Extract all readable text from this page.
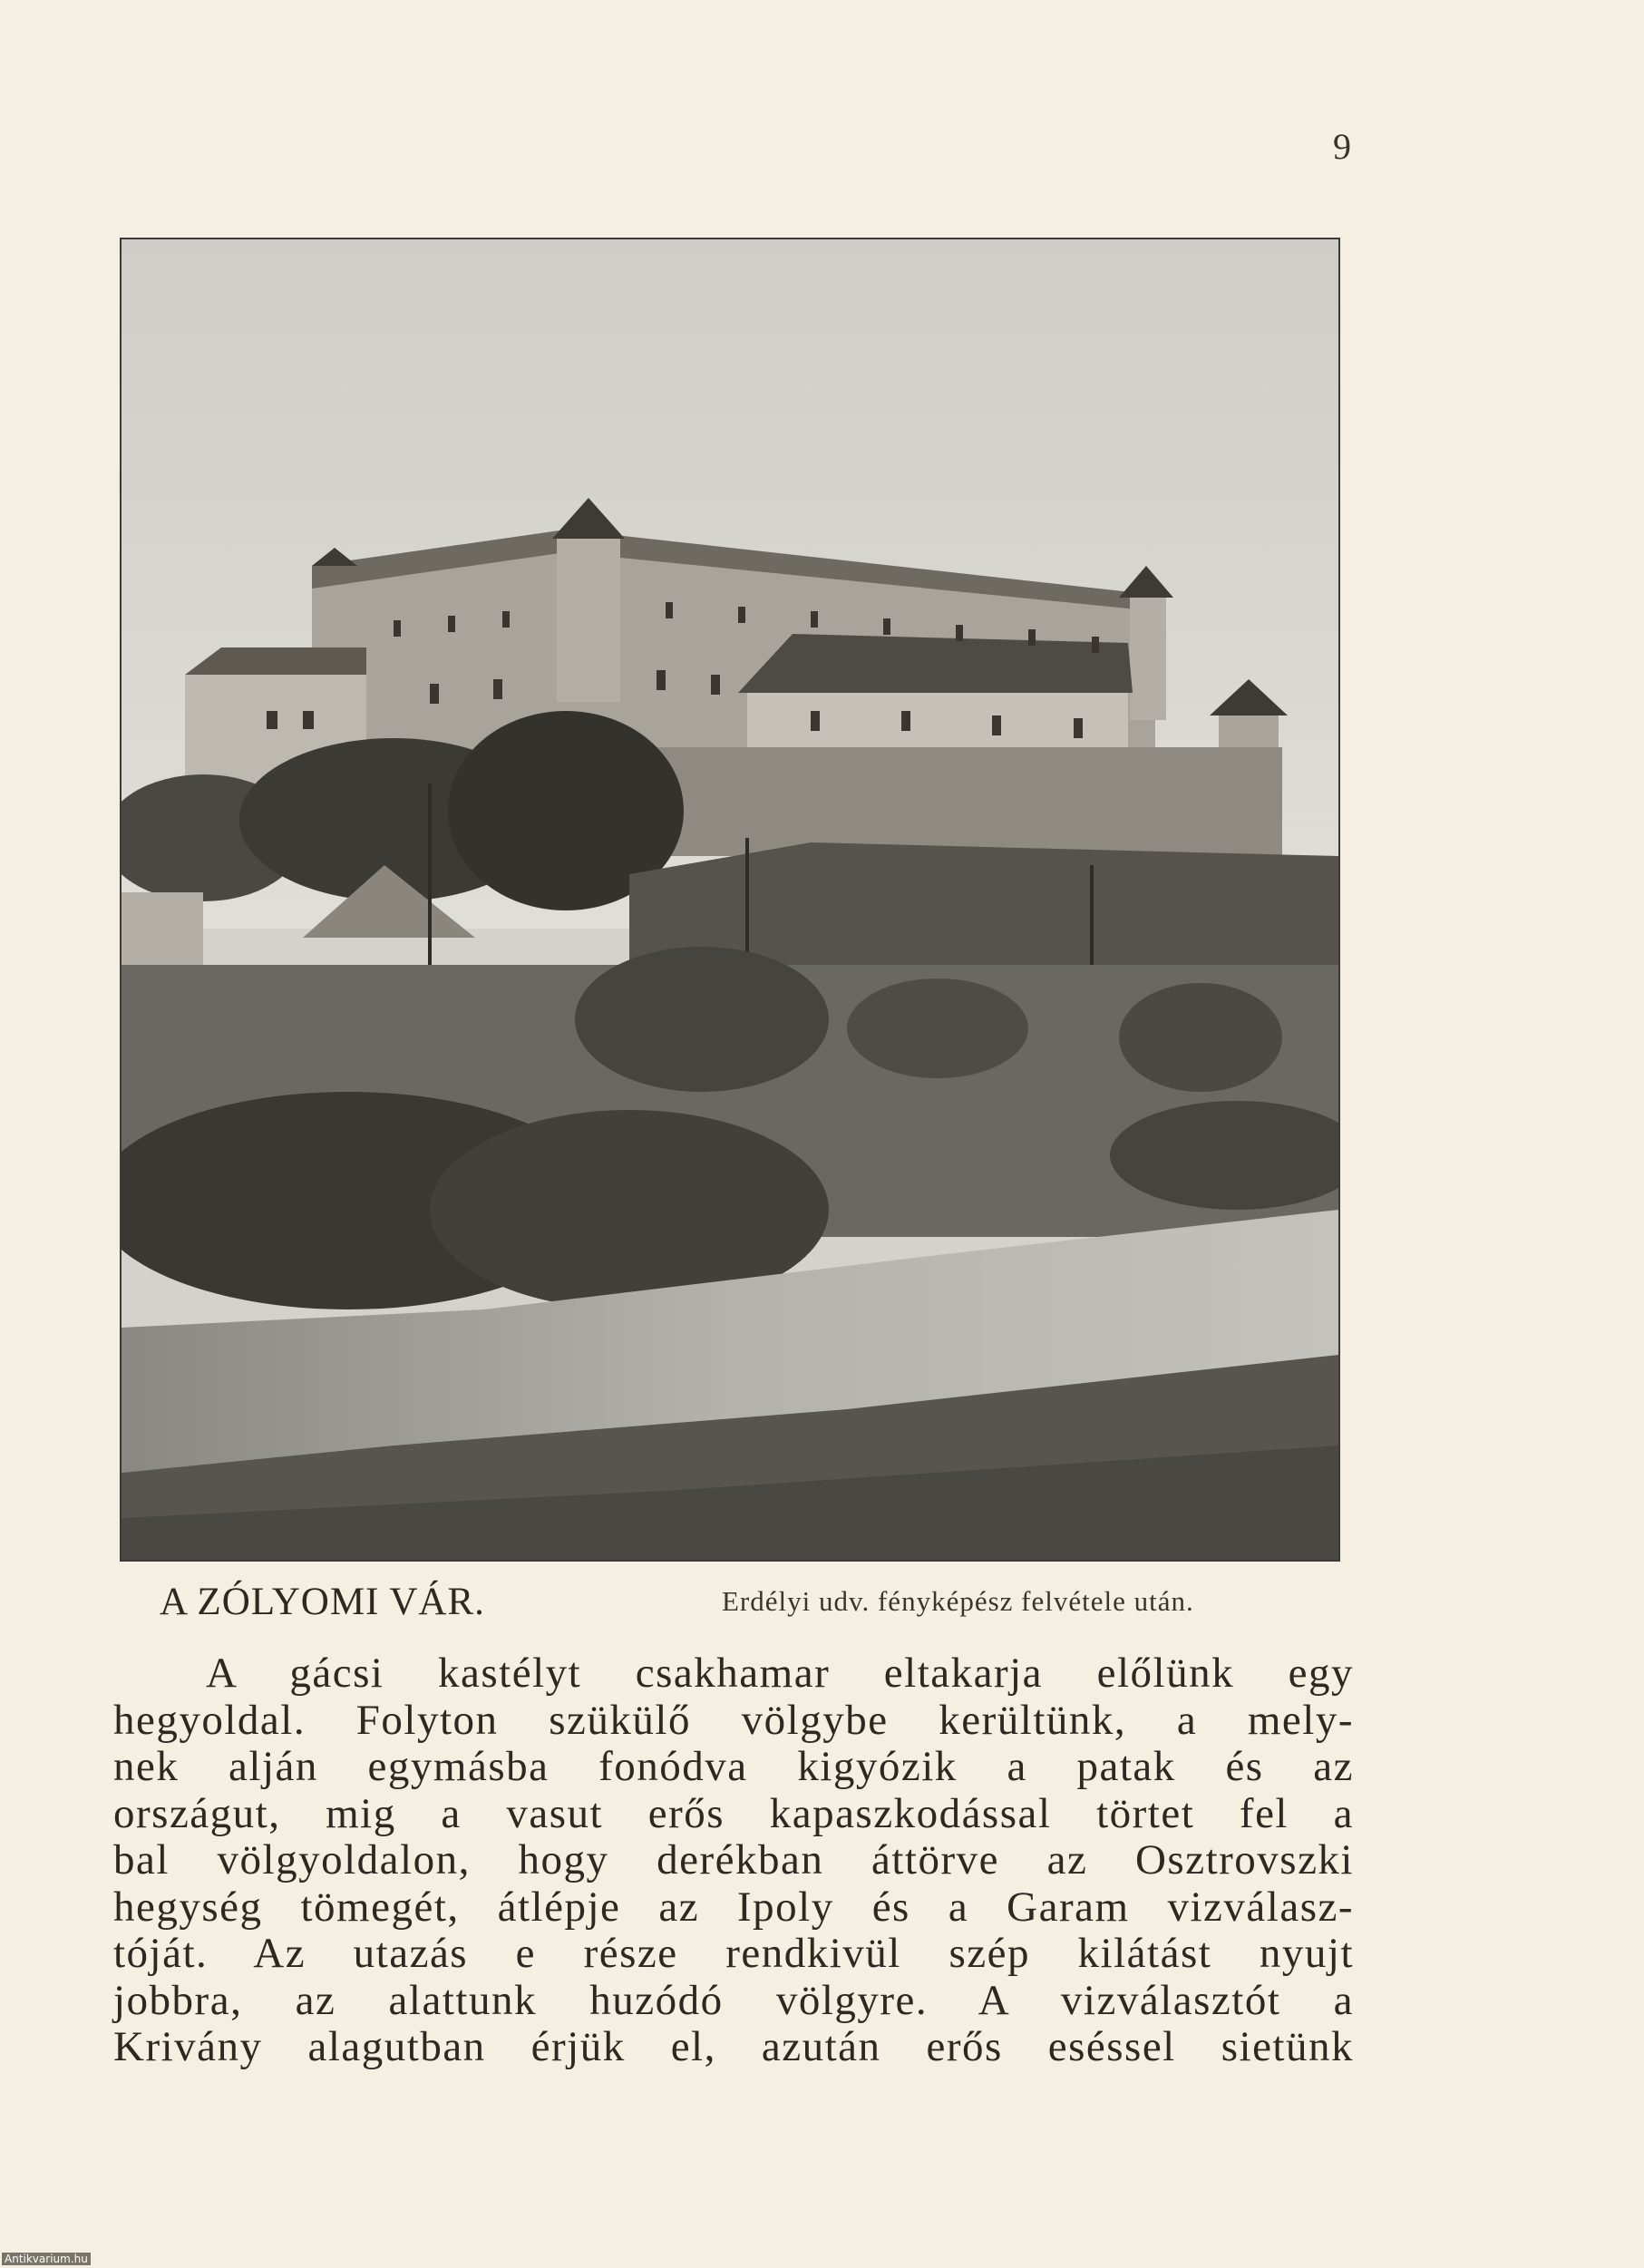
9
A ZÓLYOMI VÁR.	Erdélyi udv. fényképész felvétele után.
A gácsi kastélyt csakhamar eltakarja előlünk egy
hegyoldal. Folyton szükülő völgybe kerültünk, a mely-
nek alján egymásba fonódva kigyózik a patak és az
országut, mig a vasut erős kapaszkodással törtet fel a
bal völgyoldalon, hogy derékban áttörve az Osztrovszki
hegység tömegét, átlépje az Ipoly és a Garam vizválasz-
tóját. Az utazás e része rendkivül szép kilátást nyujt
jobbra, az alattunk huzódó völgyre. A vizválasztót a
Krivány alagutban érjük el, azután erős eséssel sietünk
Antikvarium.hu
